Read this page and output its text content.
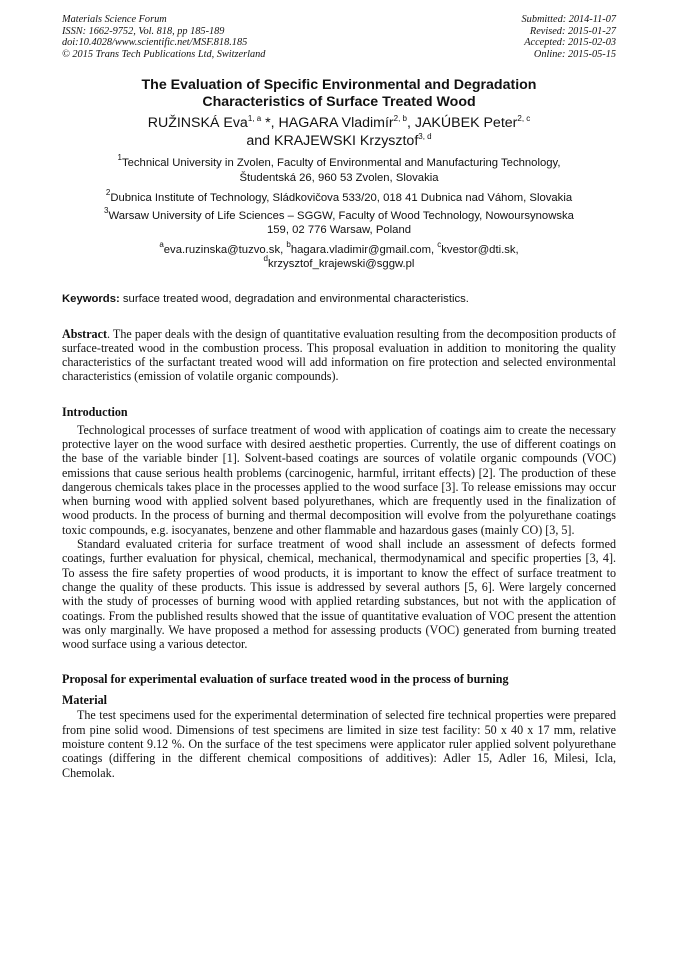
Materials Science Forum
ISSN: 1662-9752, Vol. 818, pp 185-189
doi:10.4028/www.scientific.net/MSF.818.185
© 2015 Trans Tech Publications Ltd, Switzerland
Submitted: 2014-11-07
Revised: 2015-01-27
Accepted: 2015-02-03
Online: 2015-05-15
The Evaluation of Specific Environmental and Degradation
Characteristics of Surface Treated Wood
RUŽINSKÁ Eva$^{1, a}$ *, HAGARA Vladimír$^{2, b}$, JAKÚBEK Peter$^{2, c}$
and KRAJEWSKI Krzysztof$^{3, d}$
$^1$Technical University in Zvolen, Faculty of Environmental and Manufacturing Technology,
Študentská 26, 960 53 Zvolen, Slovakia
$^2$Dubnica Institute of Technology, Sládkovičova 533/20, 018 41 Dubnica nad Váhom, Slovakia
$^3$Warsaw University of Life Sciences – SGGW, Faculty of Wood Technology, Nowoursynowska
159, 02 776 Warsaw, Poland
$^a$eva.ruzinska@tuzvo.sk, $^b$hagara.vladimir@gmail.com, $^c$kvestor@dti.sk,
$^d$krzysztof_krajewski@sggw.pl
Keywords: surface treated wood, degradation and environmental characteristics.
Abstract. The paper deals with the design of quantitative evaluation resulting from the decomposition products of surface-treated wood in the combustion process. This proposal evaluation in addition to monitoring the quality characteristics of the surfactant treated wood will add information on fire protection and selected environmental characteristics (emission of volatile organic compounds).
Introduction

Technological processes of surface treatment of wood with application of coatings aim to create the necessary protective layer on the wood surface with desired aesthetic properties. Currently, the use of different coatings on the base of the variable binder [1]. Solvent-based coatings are sources of volatile organic compounds (VOC) emissions that cause serious health problems (carcinogenic, harmful, irritant effects) [2]. The production of these dangerous chemicals takes place in the processes applied to the wood surface [3]. To release emissions may occur when burning wood with applied solvent based polyurethanes, which are frequently used in the finalization of wood products. In the process of burning and thermal decomposition will evolve from the polyurethane coatings toxic compounds, e.g. isocyanates, benzene and other flammable and hazardous gases (mainly CO) [3, 5].

Standard evaluated criteria for surface treatment of wood shall include an assessment of defects formed coatings, further evaluation for physical, chemical, mechanical, thermodynamical and specific properties [3, 4]. To assess the fire safety properties of wood products, it is important to know the effect of surface treatment to change the quality of these products. This issue is addressed by several authors [5, 6]. Were largely concerned with the study of processes of burning wood with applied retarding substances, but not with the application of coatings. From the published results showed that the issue of quantitative evaluation of VOC present the attention was only marginally. We have proposed a method for assessing products (VOC) generated from burning treated wood surface using a various detector.

Proposal for experimental evaluation of surface treated wood in the process of burning
Material

The test specimens used for the experimental determination of selected fire technical properties were prepared from pine solid wood. Dimensions of test specimens are limited in size test facility: 50 x 40 x 17 mm, relative moisture content 9.12 %. On the surface of the test specimens were applicator ruler applied solvent polyurethane coatings (differing in the different chemical compositions of additives): Adler 15, Adler 16, Milesi, Icla, Chemolak.
